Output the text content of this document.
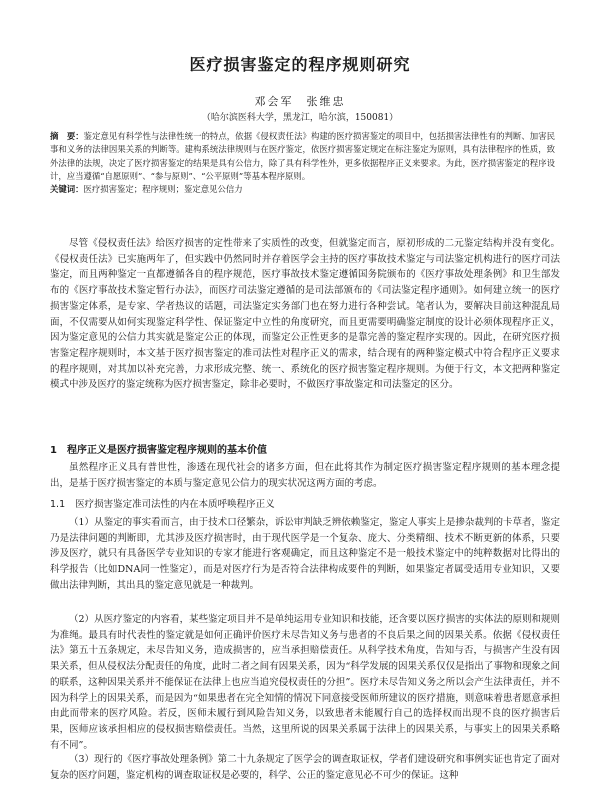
医疗损害鉴定的程序规则研究
邓会军　张维忠
（哈尔滨医科大学，黑龙江，哈尔滨，150081）

摘　要：鉴定意见有科学性与法律性统一的特点，依据《侵权责任法》构建的医疗损害鉴定的项目中，包括损害法律性有的判断、加害民事和义务的法律因果关系的判断等。建构系统法律规则与在医疗鉴定，依医疗损害鉴定规定在标注鉴定为原则，具有法律程序的性质，致外法律的法规，决定了医疗损害鉴定的结果是具有公信力，除了具有科学性外，更多依据程序正义来要求。为此，医疗损害鉴定的程序设计，应当遵循“自愿原则”、“参与原则”、“公平原则”等基本程序原则。

关键词：医疗损害鉴定；程序规则；鉴定意见公信力

尽管《侵权责任法》给医疗损害的定性带来了实质性的改变，但就鉴定而言，原初形成的二元鉴定结构并没有变化。《侵权责任法》已实施两年了，但实践中仍然同时并存着医学会主持的医疗事故技术鉴定与司法鉴定机构进行的医疗司法鉴定，而且两种鉴定一直都遵循各自的程序规范，医疗事故技术鉴定遵循国务院颁布的《医疗事故处理条例》和卫生部发布的《医疗事故技术鉴定暂行办法》，而医疗司法鉴定遵循的是司法部颁布的《司法鉴定程序通则》。如何建立统一的医疗损害鉴定体系，是专家、学者热议的话题，司法鉴定实务部门也在努力进行各种尝试。笔者认为，要解决目前这种混乱局面，不仅需要从如何实现鉴定科学性、保证鉴定中立性的角度研究，而且更需要明确鉴定制度的设计必须体现程序正义，因为鉴定意见的公信力其实就是鉴定公正的体现，而鉴定公正性更多的是靠完善的鉴定程序实现的。因此，在研究医疗损害鉴定程序规则时，本文基于医疗损害鉴定的准司法性对程序正义的需求，结合现有的两种鉴定模式中符合程序正义要求的程序规则，对其加以补充完善，力求形成完整、统一、系统化的医疗损害鉴定程序规则。为便于行文，本文把两种鉴定模式中涉及医疗的鉴定统称为医疗损害鉴定，除非必要时，不做医疗事故鉴定和司法鉴定的区分。

1 程序正义是医疗损害鉴定程序规则的基本价值

虽然程序正义具有普世性，渗透在现代社会的诸多方面，但在此将其作为制定医疗损害鉴定程序规则的基本理念提出，是基于医疗损害鉴定的本质与鉴定意见公信力的现实状况这两方面的考虑。

1.1 医疗损害鉴定准司法性的内在本质呼唤程序正义

（1）从鉴定的事实看而言，由于技术口径繁杂，诉讼审判缺乏辨依赖鉴定，鉴定人事实上是掺杂裁判的卡草者，鉴定乃是法律问题的判断即，尤其涉及医疗损害时，由于现代医学是一个复杂、庞大、分类精细、技术不断更新的体系，只要涉及医疗，就只有具备医学专业知识的专家才能进行客观确定，而且这种鉴定不是一般技术鉴定中的纯粹数据对比得出的科学报告（比如DNA同一性鉴定），而是对医疗行为是否符合法律构成要件的判断，如果鉴定者属受适用专业知识，又要做出法律判断，其出具的鉴定意见就是一种裁判。

（2）从医疗鉴定的内容看，某些鉴定项目并不是单纯运用专业知识和技能，还含要以医疗损害的实体法的原则和规则为准绳。最具有时代表性的鉴定就是如何正确评价医疗未尽告知义务与患者的不良后果之间的因果关系。依据《侵权责任法》第五十五条规定，未尽告知义务，造成损害的，应当承担赔偿责任。从科学技术角度，告知与否，与损害产生没有因果关系，但从侵权法分配责任的角度，此时二者之间有因果关系，因为“科学发展的因果关系仅仅是指出了事物和现象之间的联系，这种因果关系并不能保证在法律上也应当追究侵权责任的分担”。医疗未尽告知义务之所以会产生法律责任，并不因为科学上的因果关系，而是因为“如果患者在完全知情的情况下同意接受医师所建议的医疗措施，则意味着患者愿意承担由此而带来的医疗风险。若反，医师未履行到风险告知义务，以致患者未能履行自己的选择权而出现不良的医疗损害后果，医师应该承担相应的侵权损害赔偿责任。当然，这里所说的因果关系属于法律上的因果关系，与事实上的因果关系略有不同”。

（3）现行的《医疗事故处理条例》第二十九条规定了医学会的调查取证权，学者们建设研究和事例实证也肯定了面对复杂的医疗问题，鉴定机构的调查取证权是必要的，科学、公正的鉴定意见必不可少的保证。这种
